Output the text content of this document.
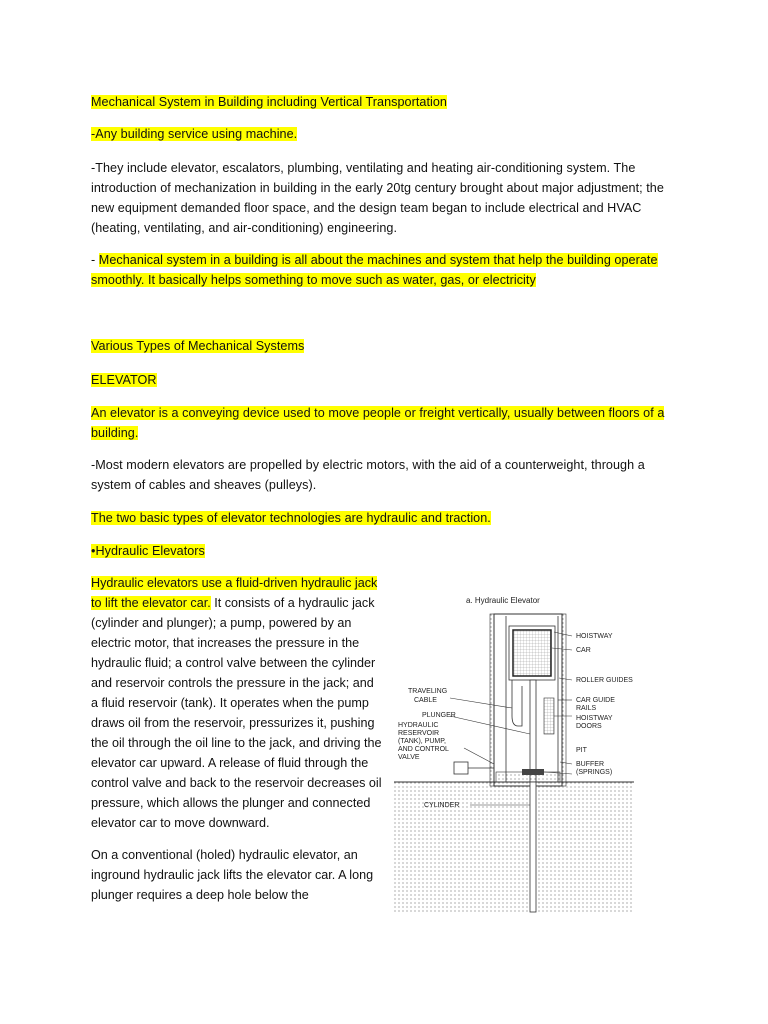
Mechanical System in Building including Vertical Transportation
-Any building service using machine.
-They include elevator, escalators, plumbing, ventilating and heating air-conditioning system. The introduction of mechanization in building in the early 20tg century brought about major adjustment; the new equipment demanded floor space, and the design team began to include electrical and HVAC (heating, ventilating, and air-conditioning) engineering.
- Mechanical system in a building is all about the machines and system that help the building operate smoothly. It basically helps something to move such as water, gas, or electricity
Various Types of Mechanical Systems
ELEVATOR
An elevator is a conveying device used to move people or freight vertically, usually between floors of a building.
-Most modern elevators are propelled by electric motors, with the aid of a counterweight, through a system of cables and sheaves (pulleys).
The two basic types of elevator technologies are hydraulic and traction.
•Hydraulic Elevators
Hydraulic elevators use a fluid-driven hydraulic jack to lift the elevator car. It consists of a hydraulic jack (cylinder and plunger); a pump, powered by an electric motor, that increases the pressure in the hydraulic fluid; a control valve between the cylinder and reservoir controls the pressure in the jack; and a fluid reservoir (tank). It operates when the pump draws oil from the reservoir, pressurizes it, pushing the oil through the oil line to the jack, and driving the elevator car upward. A release of fluid through the control valve and back to the reservoir decreases oil pressure, which allows the plunger and connected elevator car to move downward.
On a conventional (holed) hydraulic elevator, an inground hydraulic jack lifts the elevator car. A long plunger requires a deep hole below the
a. Hydraulic Elevator
HOISTWAY
CAR
ROLLER GUIDES
TRAVELING
CABLE
PLUNGER
CAR GUIDE
RAILS
HYDRAULIC
RESERVOIR
(TANK), PUMP,
AND CONTROL
VALVE
HOISTWAY
DOORS
PIT
BUFFER
(SPRINGS)
CYLINDER
